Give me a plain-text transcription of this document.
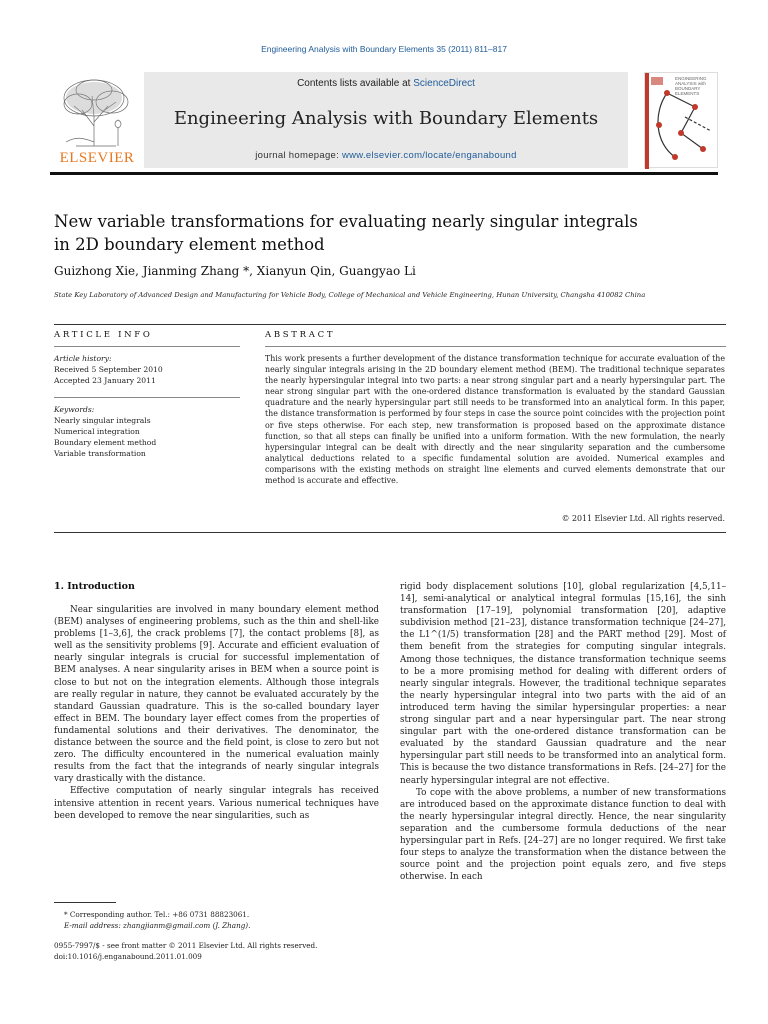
Engineering Analysis with Boundary Elements 35 (2011) 811–817
ELSEVIER
Contents lists available at ScienceDirect
Engineering Analysis with Boundary Elements
journal homepage: www.elsevier.com/locate/enganabound
ENGINEERING ANALYSIS with BOUNDARY ELEMENTS
New variable transformations for evaluating nearly singular integrals
in 2D boundary element method
Guizhong Xie, Jianming Zhang *, Xianyun Qin, Guangyao Li
State Key Laboratory of Advanced Design and Manufacturing for Vehicle Body, College of Mechanical and Vehicle Engineering, Hunan University, Changsha 410082 China
ARTICLE INFO	ABSTRACT
Article history:
Received 5 September 2010
Accepted 23 January 2011
Keywords:
Nearly singular integrals
Numerical integration
Boundary element method
Variable transformation
This work presents a further development of the distance transformation technique for accurate evaluation of the nearly singular integrals arising in the 2D boundary element method (BEM). The traditional technique separates the nearly hypersingular integral into two parts: a near strong singular part and a nearly hypersingular part. The near strong singular part with the one-ordered distance transformation is evaluated by the standard Gaussian quadrature and the nearly hypersingular part still needs to be transformed into an analytical form. In this paper, the distance transformation is performed by four steps in case the source point coincides with the projection point or five steps otherwise. For each step, new transformation is proposed based on the approximate distance function, so that all steps can finally be unified into a uniform formation. With the new formulation, the nearly hypersingular integral can be dealt with directly and the near singularity separation and the cumbersome analytical deductions related to a specific fundamental solution are avoided. Numerical examples and comparisons with the existing methods on straight line elements and curved elements demonstrate that our method is accurate and effective.
© 2011 Elsevier Ltd. All rights reserved.
1. Introduction

Near singularities are involved in many boundary element method (BEM) analyses of engineering problems, such as the thin and shell-like problems [1–3,6], the crack problems [7], the contact problems [8], as well as the sensitivity problems [9]. Accurate and efficient evaluation of nearly singular integrals is crucial for successful implementation of BEM analyses. A near singularity arises in BEM when a source point is close to but not on the integration elements. Although those integrals are really regular in nature, they cannot be evaluated accurately by the standard Gaussian quadrature. This is the so-called boundary layer effect in BEM. The boundary layer effect comes from the properties of fundamental solutions and their derivatives. The denominator, the distance between the source and the field point, is close to zero but not zero. The difficulty encountered in the numerical evaluation mainly results from the fact that the integrands of nearly singular integrals vary drastically with the distance.

Effective computation of nearly singular integrals has received intensive attention in recent years. Various numerical techniques have been developed to remove the near singularities, such as

rigid body displacement solutions [10], global regularization [4,5,11–14], semi-analytical or analytical integral formulas [15,16], the sinh transformation [17–19], polynomial transformation [20], adaptive subdivision method [21–23], distance transformation technique [24–27], the L1^(1/5) transformation [28] and the PART method [29]. Most of them benefit from the strategies for computing singular integrals. Among those techniques, the distance transformation technique seems to be a more promising method for dealing with different orders of nearly singular integrals. However, the traditional technique separates the nearly hypersingular integral into two parts with the aid of an introduced term having the similar hypersingular properties: a near strong singular part and a near hypersingular part. The near strong singular part with the one-ordered distance transformation can be evaluated by the standard Gaussian quadrature and the near hypersingular part still needs to be transformed into an analytical form. This is because the two distance transformations in Refs. [24–27] for the nearly hypersingular integral are not effective.

To cope with the above problems, a number of new transformations are introduced based on the approximate distance function to deal with the nearly hypersingular integral directly. Hence, the near singularity separation and the cumbersome formula deductions of the near hypersingular part in Refs. [24–27] are no longer required. We first take four steps to analyze the transformation when the distance between the source point and the projection point equals zero, and five steps otherwise. In each

* Corresponding author. Tel.: +86 0731 88823061.
E-mail address: zhangjianm@gmail.com (J. Zhang).
0955-7997/$ - see front matter © 2011 Elsevier Ltd. All rights reserved.
doi:10.1016/j.enganabound.2011.01.009
